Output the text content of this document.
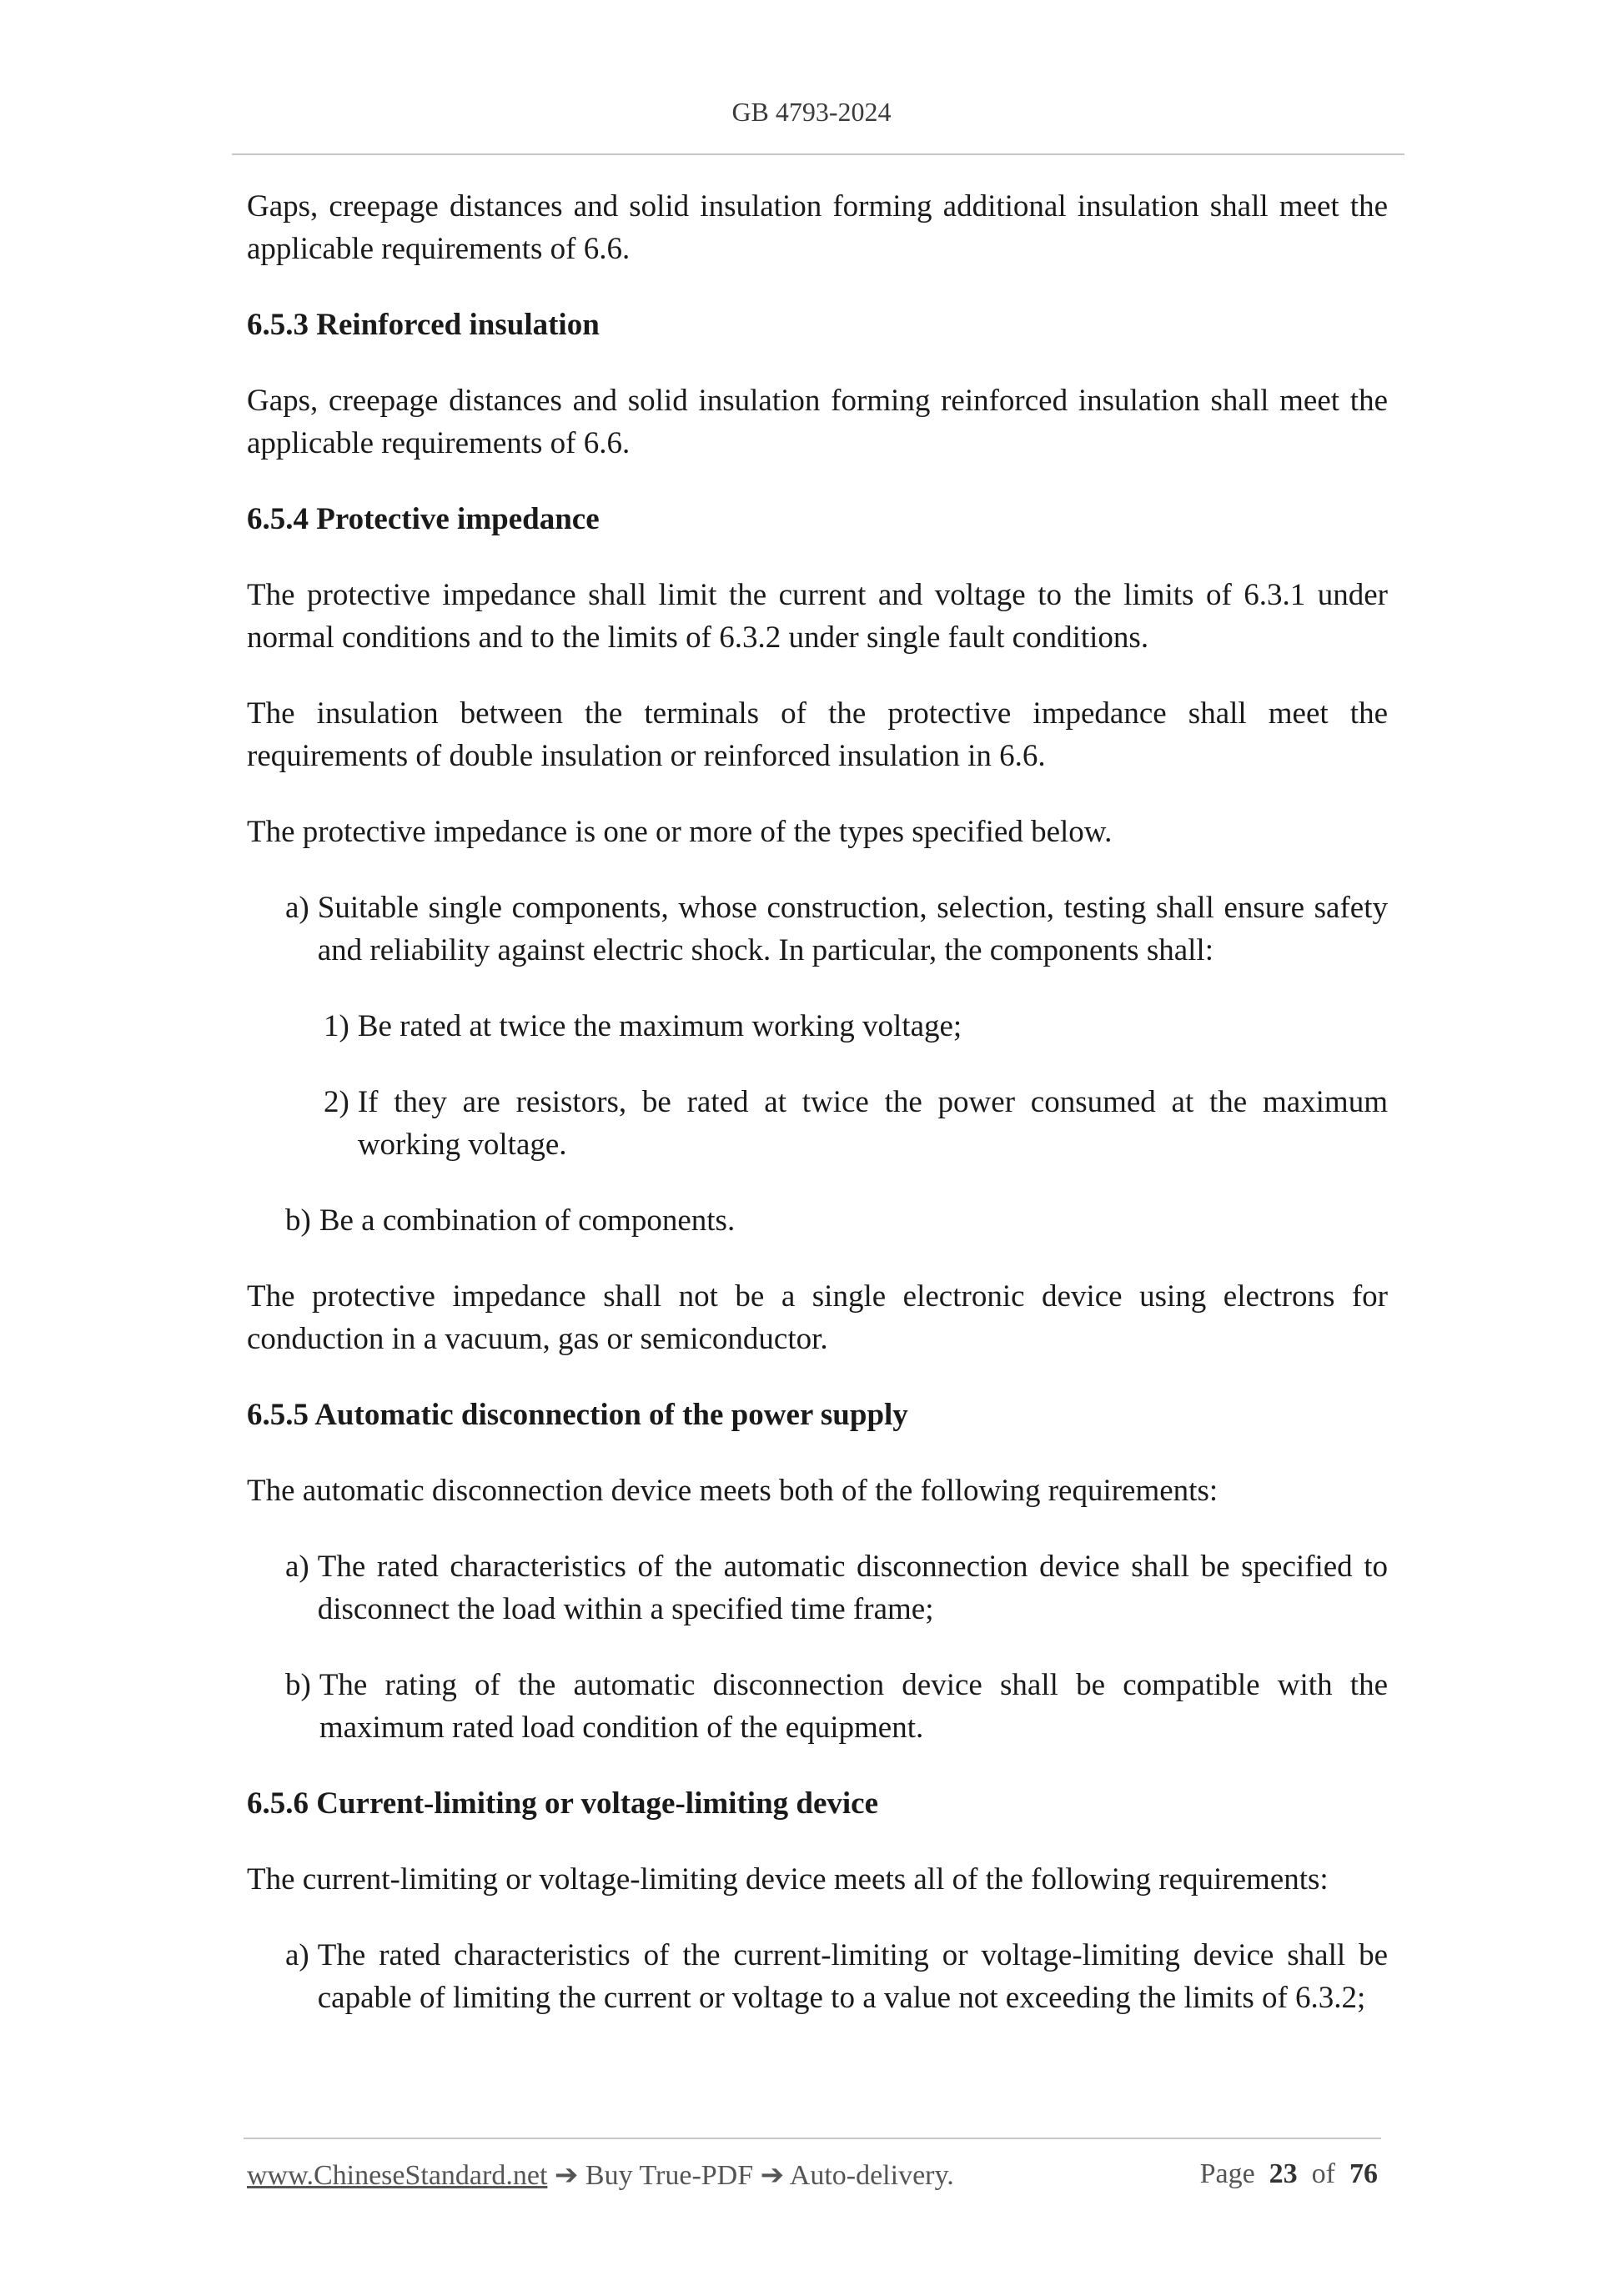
GB 4793-2024

Gaps, creepage distances and solid insulation forming additional insulation shall meet the applicable requirements of 6.6.

6.5.3 Reinforced insulation

Gaps, creepage distances and solid insulation forming reinforced insulation shall meet the applicable requirements of 6.6.

6.5.4 Protective impedance

The protective impedance shall limit the current and voltage to the limits of 6.3.1 under normal conditions and to the limits of 6.3.2 under single fault conditions.

The insulation between the terminals of the protective impedance shall meet the requirements of double insulation or reinforced insulation in 6.6.

The protective impedance is one or more of the types specified below.

a) Suitable single components, whose construction, selection, testing shall ensure safety and reliability against electric shock. In particular, the components shall:
1) Be rated at twice the maximum working voltage;
2) If they are resistors, be rated at twice the power consumed at the maximum working voltage.
b) Be a combination of components.

The protective impedance shall not be a single electronic device using electrons for conduction in a vacuum, gas or semiconductor.

6.5.5 Automatic disconnection of the power supply

The automatic disconnection device meets both of the following requirements:

a) The rated characteristics of the automatic disconnection device shall be specified to disconnect the load within a specified time frame;
b) The rating of the automatic disconnection device shall be compatible with the maximum rated load condition of the equipment.
6.5.6 Current-limiting or voltage-limiting device

The current-limiting or voltage-limiting device meets all of the following requirements:

a) The rated characteristics of the current-limiting or voltage-limiting device shall be capable of limiting the current or voltage to a value not exceeding the limits of 6.3.2;
www.ChineseStandard.net ➔ Buy True-PDF ➔ Auto-delivery.	Page 23 of 76
